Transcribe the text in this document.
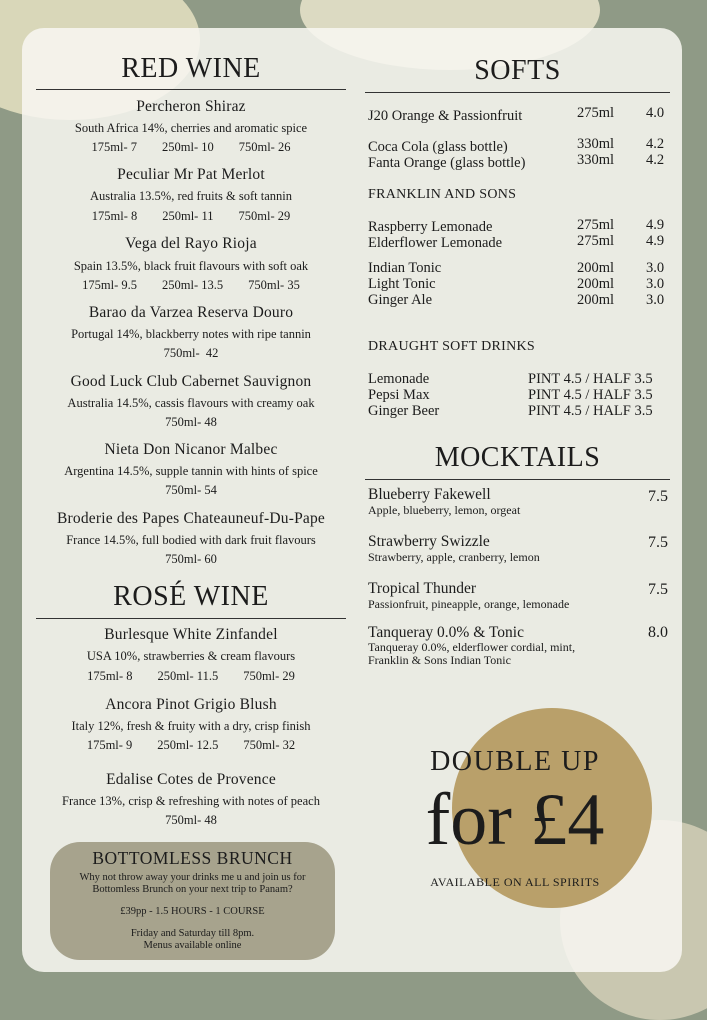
RED WINE
Percheron Shiraz
South Africa 14%, cherries and aromatic spice
175ml- 7        250ml- 10        750ml- 26
Peculiar Mr Pat Merlot
Australia 13.5%, red fruits & soft tannin
175ml- 8        250ml- 11        750ml- 29
Vega del Rayo Rioja
Spain 13.5%, black fruit flavours with soft oak
175ml- 9.5        250ml- 13.5        750ml- 35
Barao da Varzea Reserva Douro
Portugal 14%, blackberry notes with ripe tannin
750ml-  42
Good Luck Club Cabernet Sauvignon
Australia 14.5%, cassis flavours with creamy oak
750ml- 48
Nieta Don Nicanor Malbec
Argentina 14.5%, supple tannin with hints of spice
750ml- 54
Broderie des Papes Chateauneuf-Du-Pape
France 14.5%, full bodied with dark fruit flavours
750ml- 60
ROSÉ WINE
Burlesque White Zinfandel
USA 10%, strawberries & cream flavours
175ml- 8        250ml- 11.5        750ml- 29
Ancora Pinot Grigio Blush
Italy 12%, fresh & fruity with a dry, crisp finish
175ml- 9        250ml- 12.5        750ml- 32
Edalise Cotes de Provence
France 13%, crisp & refreshing with notes of peach
750ml- 48
BOTTOMLESS BRUNCH
Why not throw away your drinks me u and join us for
Bottomless Brunch on your next trip to Panam?
£39pp - 1.5 HOURS - 1 COURSE
Friday and Saturday till 8pm.
Menus available online
SOFTS
J20 Orange & Passionfruit	275ml 4.0
Coca Cola (glass bottle)	330ml 4.2
Fanta Orange (glass bottle)	330ml 4.2
FRANKLIN AND SONS
Raspberry Lemonade	275ml 4.9
Elderflower Lemonade	275ml 4.9
Indian Tonic	200ml 3.0
Light Tonic	200ml 3.0
Ginger Ale	200ml 3.0
DRAUGHT SOFT DRINKS
Lemonade	PINT 4.5 / HALF 3.5
Pepsi Max	PINT 4.5 / HALF 3.5
Ginger Beer	PINT 4.5 / HALF 3.5
MOCKTAILS
Blueberry Fakewell
Apple, blueberry, lemon, orgeat
7.5
Strawberry Swizzle
Strawberry, apple, cranberry, lemon
7.5
Tropical Thunder
Passionfruit, pineapple, orange, lemonade
7.5
Tanqueray 0.0% & Tonic
Tanqueray 0.0%, elderflower cordial, mint,
Franklin & Sons Indian Tonic
8.0
DOUBLE UP
for £4
AVAILABLE ON ALL SPIRITS
